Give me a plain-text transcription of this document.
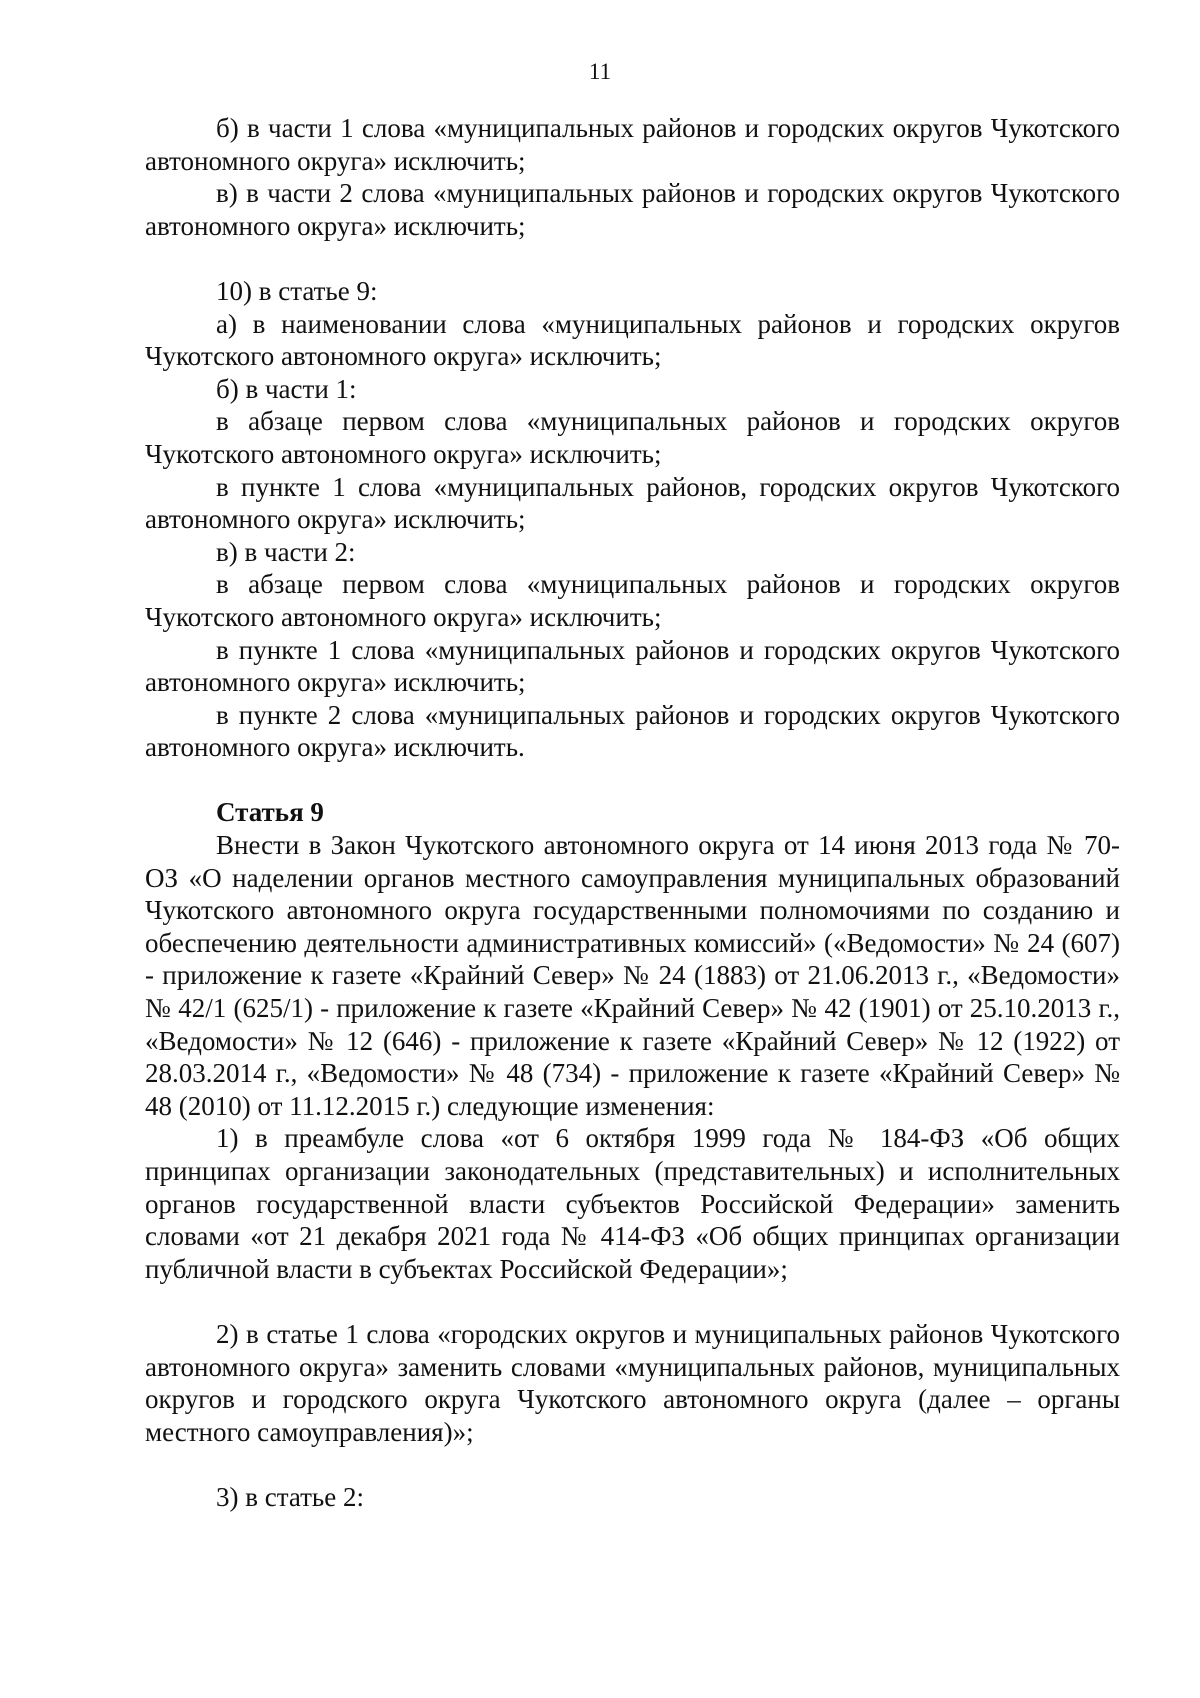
11

б) в части 1 слова «муниципальных районов и городских округов Чукотского автономного округа» исключить;

в) в части 2 слова «муниципальных районов и городских округов Чукотского автономного округа» исключить;

10) в статье 9:

а) в наименовании слова «муниципальных районов и городских округов Чукотского автономного округа» исключить;

б) в части 1:

в абзаце первом слова «муниципальных районов и городских округов Чукотского автономного округа» исключить;

в пункте 1 слова «муниципальных районов, городских округов Чукотского автономного округа» исключить;

в) в части 2:

в абзаце первом слова «муниципальных районов и городских округов Чукотского автономного округа» исключить;

в пункте 1 слова «муниципальных районов и городских округов Чукотского автономного округа» исключить;

в пункте 2 слова «муниципальных районов и городских округов Чукотского автономного округа» исключить.

Статья 9

Внести в Закон Чукотского автономного округа от 14 июня 2013 года № 70-ОЗ «О наделении органов местного самоуправления муниципальных образований Чукотского автономного округа государственными полномочиями по созданию и обеспечению деятельности административных комиссий» («Ведомости» № 24 (607) - приложение к газете «Крайний Север» № 24 (1883) от 21.06.2013 г., «Ведомости» № 42/1 (625/1) - приложение к газете «Крайний Север» № 42 (1901) от 25.10.2013 г., «Ведомости» № 12 (646) - приложение к газете «Крайний Север» № 12 (1922) от 28.03.2014 г., «Ведомости» № 48 (734) - приложение к газете «Крайний Север» № 48 (2010) от 11.12.2015 г.) следующие изменения:

1) в преамбуле слова «от 6 октября 1999 года № 184-ФЗ «Об общих принципах организации законодательных (представительных) и исполнительных органов государственной власти субъектов Российской Федерации» заменить словами «от 21 декабря 2021 года № 414-ФЗ «Об общих принципах организации публичной власти в субъектах Российской Федерации»;

2) в статье 1 слова «городских округов и муниципальных районов Чукотского автономного округа» заменить словами «муниципальных районов, муниципальных округов и городского округа Чукотского автономного округа (далее – органы местного самоуправления)»;

3) в статье 2:
